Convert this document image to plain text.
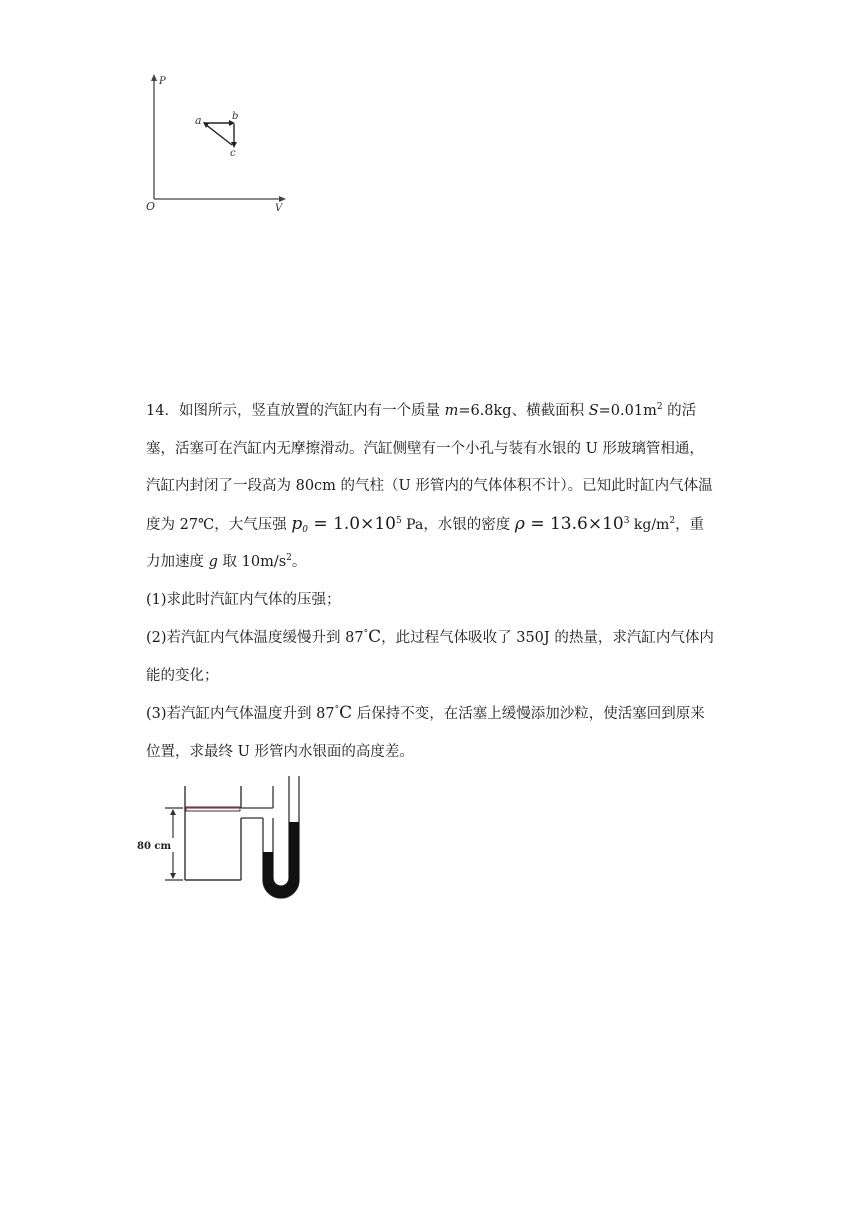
P
V
O
a	b
c

14．如图所示，竖直放置的汽缸内有一个质量 m=6.8kg、横截面积 $S=0.01m^2$ 的活塞，活塞可在汽缸内无摩擦滑动。汽缸侧壁有一个小孔与装有水银的 U 形玻璃管相通，汽缸内封闭了一段高为 80cm 的气柱（U 形管内的气体体积不计）。已知此时缸内气体温度为 27℃，大气压强 $p_0 = 1.0\times 10^5$ Pa，水银的密度 $\rho = 13.6\times 10^3$ $kg/m^2$，重力加速度 g 取 $10m/s^2$。

(1)求此时汽缸内气体的压强；

(2)若汽缸内气体温度缓慢升到 87°C，此过程气体吸收了 350J 的热量，求汽缸内气体内能的变化；

(3)若汽缸内气体温度升到 87°C 后保持不变，在活塞上缓慢添加沙粒，使活塞回到原来位置，求最终 U 形管内水银面的高度差。

80 cm
